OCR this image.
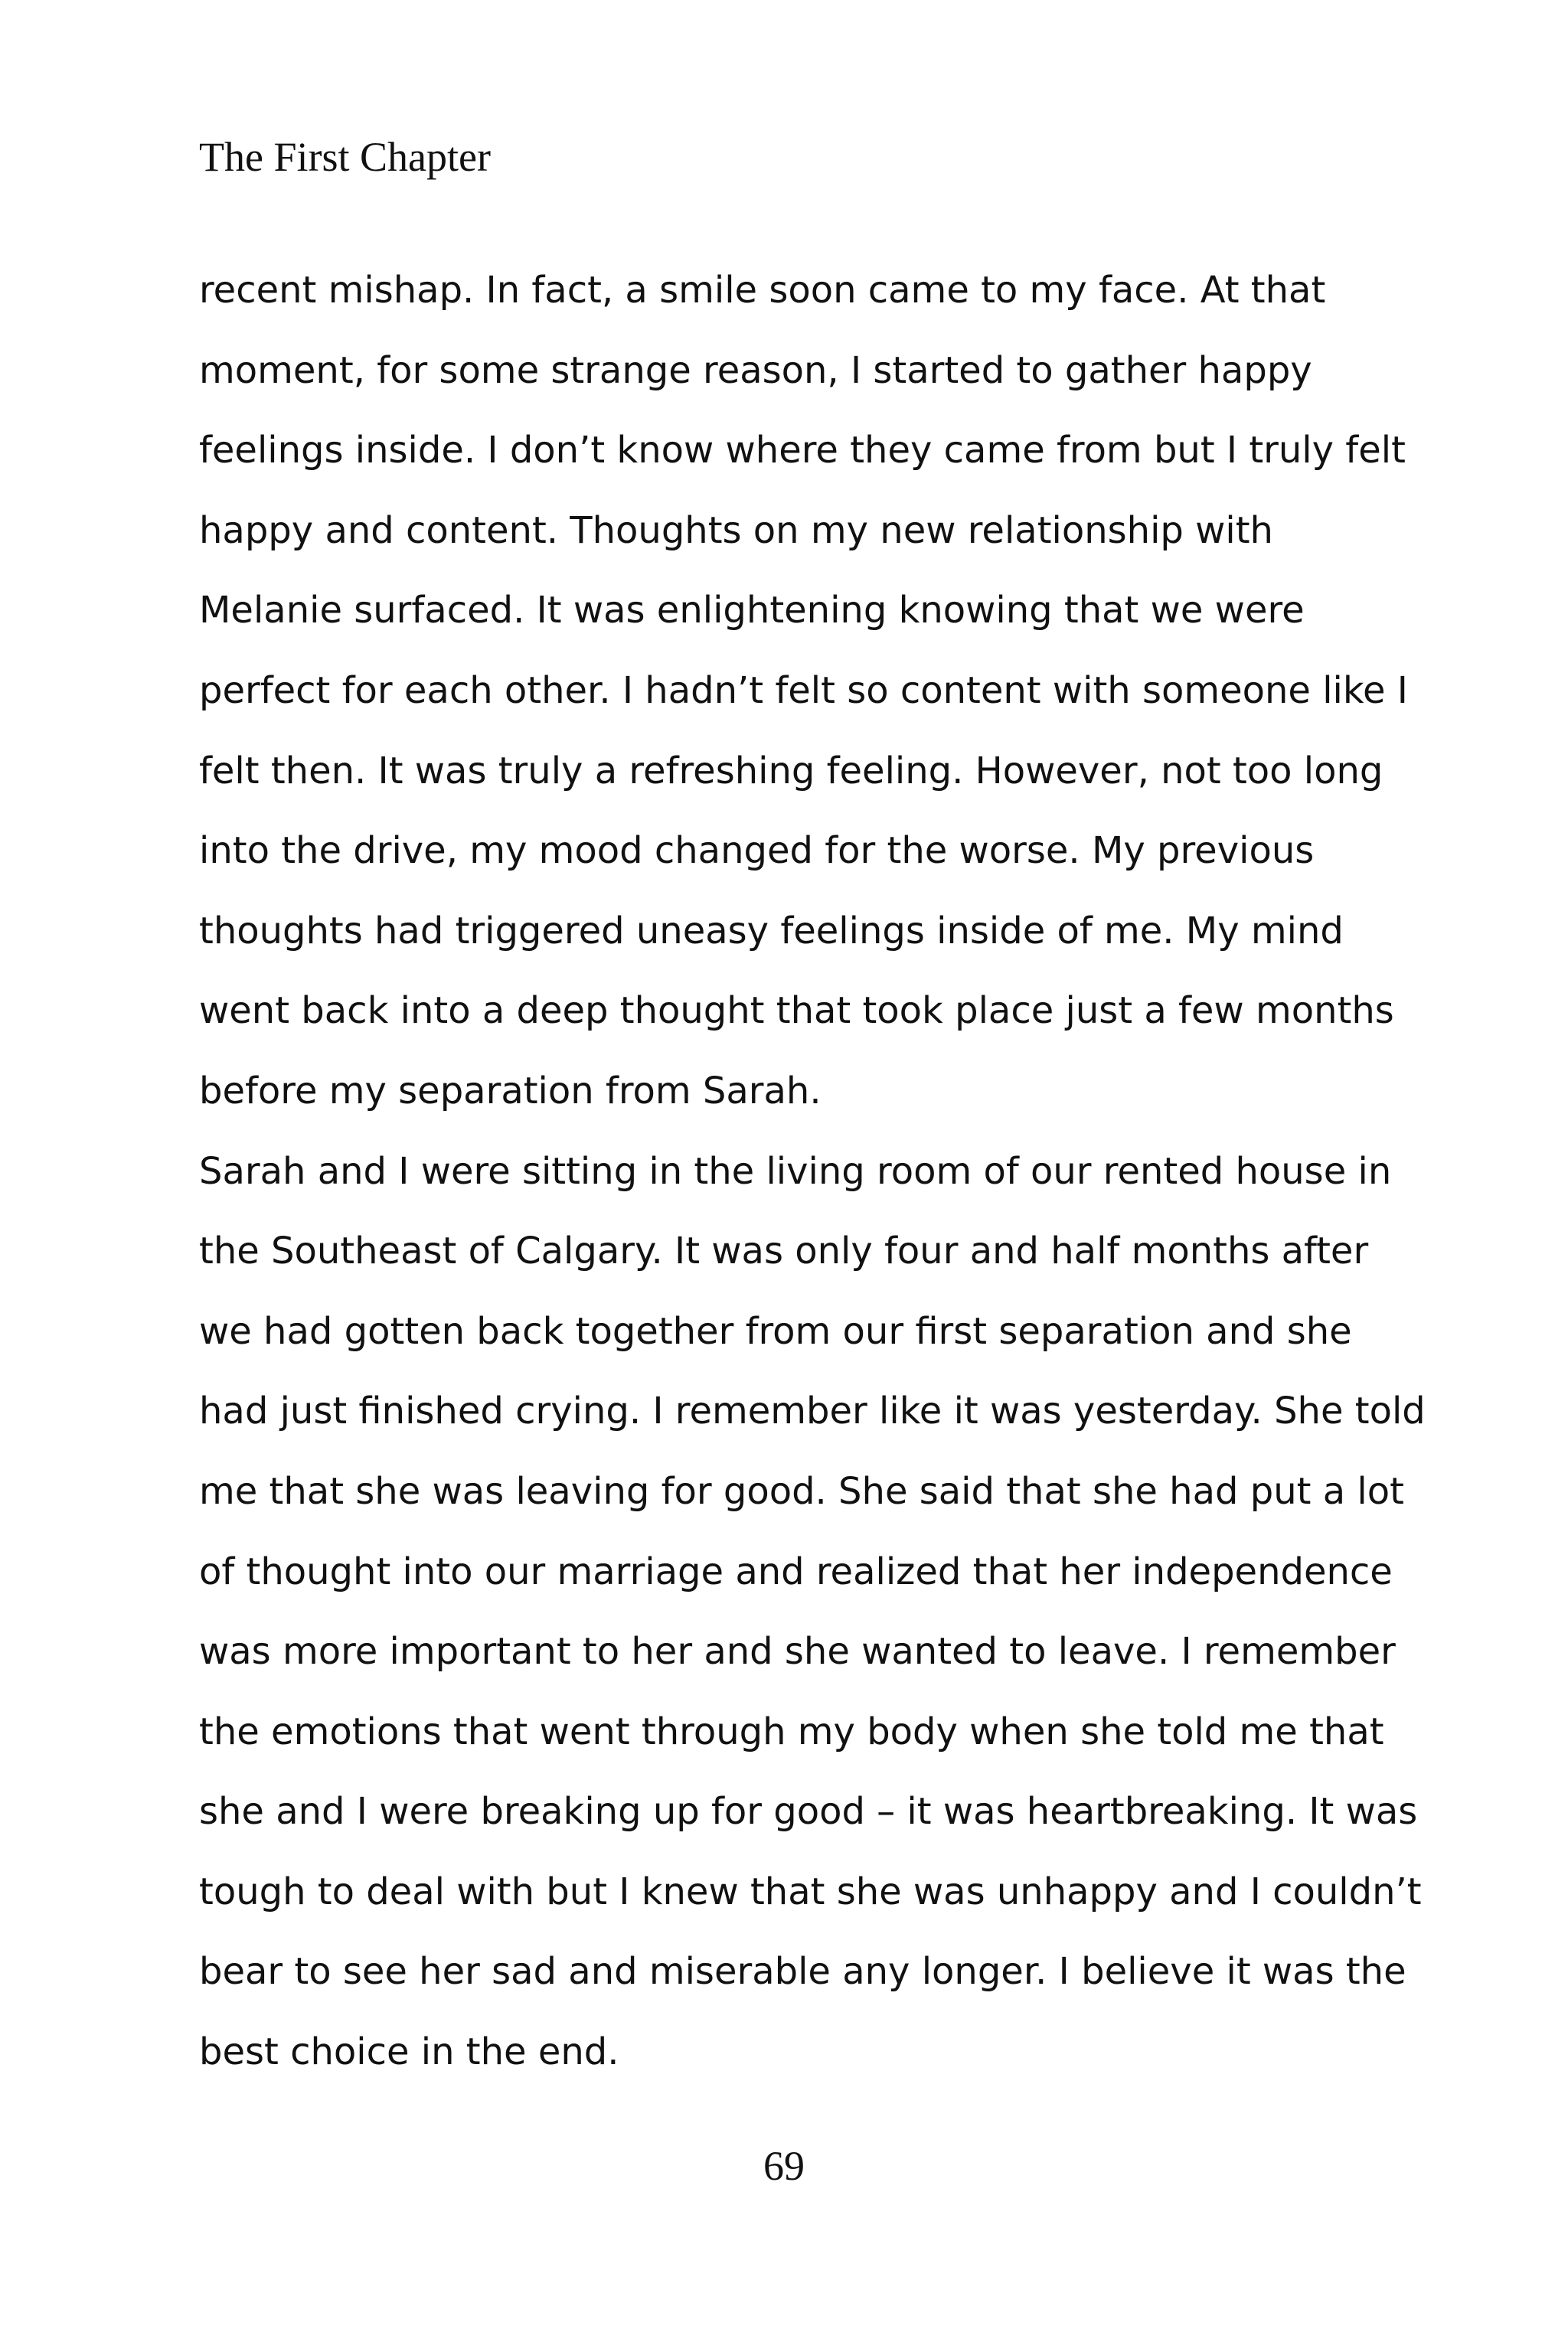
The First Chapter
recent mishap. In fact, a smile soon came to my face. At that
moment, for some strange reason, I started to gather happy
feelings inside. I don’t know where they came from but I truly felt
happy and content. Thoughts on my new relationship with
Melanie surfaced. It was enlightening knowing that we were
perfect for each other. I hadn’t felt so content with someone like I
felt then. It was truly a refreshing feeling. However, not too long
into the drive, my mood changed for the worse. My previous
thoughts had triggered uneasy feelings inside of me. My mind
went back into a deep thought that took place just a few months
before my separation from Sarah.
Sarah and I were sitting in the living room of our rented house in
the Southeast of Calgary. It was only four and half months after
we had gotten back together from our first separation and she
had just finished crying. I remember like it was yesterday. She told
me that she was leaving for good. She said that she had put a lot
of thought into our marriage and realized that her independence
was more important to her and she wanted to leave. I remember
the emotions that went through my body when she told me that
she and I were breaking up for good – it was heartbreaking. It was
tough to deal with but I knew that she was unhappy and I couldn’t
bear to see her sad and miserable any longer. I believe it was the
best choice in the end.
69
